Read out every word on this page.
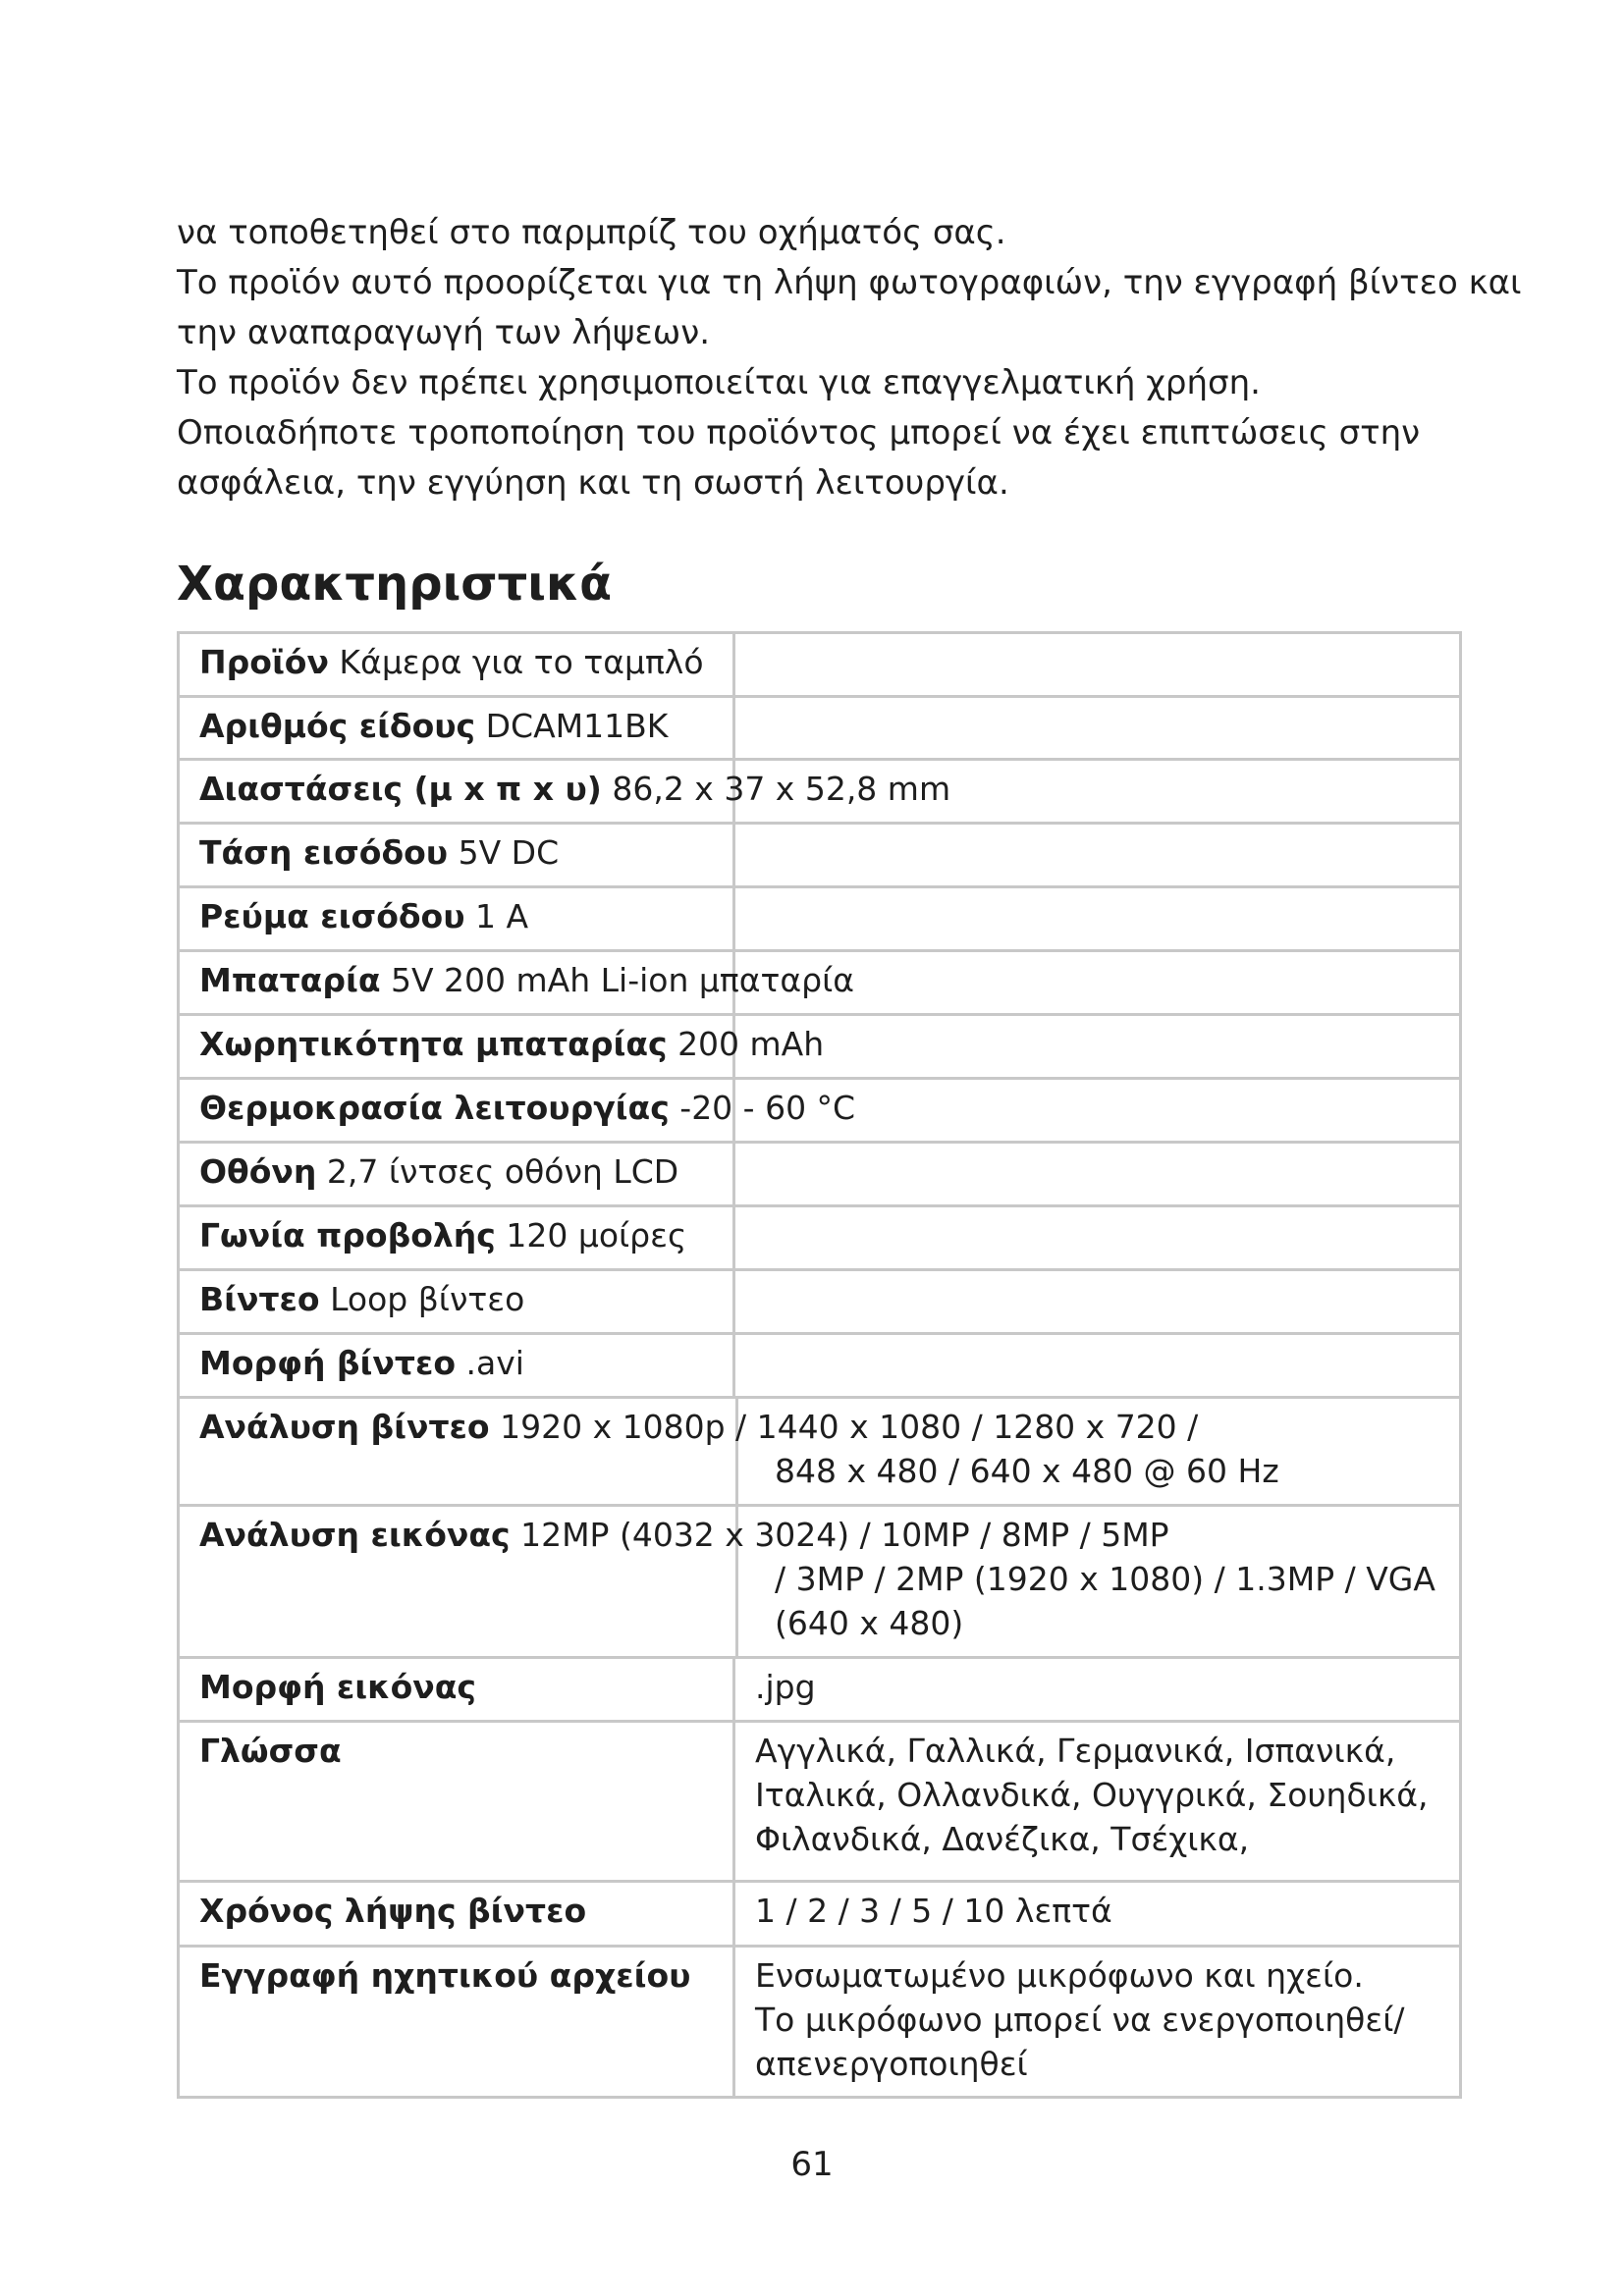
να τοποθετηθεί στο παρμπρίζ του οχήματός σας.

Το προϊόν αυτό προορίζεται για τη λήψη φωτογραφιών, την εγγραφή βίντεο και

την αναπαραγωγή των λήψεων.

Το προϊόν δεν πρέπει χρησιμοποιείται για επαγγελματική χρήση.

Οποιαδήποτε τροποποίηση του προϊόντος μπορεί να έχει επιπτώσεις στην

ασφάλεια, την εγγύηση και τη σωστή λειτουργία.

Χαρακτηριστικά
Προϊόν Κάμερα για το ταμπλό	
Αριθμός είδους DCAM11BK	
Διαστάσεις (μ x π x υ) 86,2 x 37 x 52,8 mm	
Τάση εισόδου 5V DC	
Ρεύμα εισόδου 1 A	
Μπαταρία 5V 200 mAh Li-ion μπαταρία	
Χωρητικότητα μπαταρίας 200 mAh	
Θερμοκρασία λειτουργίας -20 - 60 °C	
Οθόνη 2,7 ίντσες οθόνη LCD	
Γωνία προβολής 120 μοίρες	
Βίντεο Loop βίντεο	
Μορφή βίντεο .avi	
Ανάλυση βίντεο 1920 x 1080p / 1440 x 1080 / 1280 x 720 /
848 x 480 / 640 x 480 @ 60 Hz	

Ανάλυση εικόνας 12MP (4032 x 3024) / 10MP / 8MP / 5MP
/ 3MP / 2MP (1920 x 1080) / 1.3MP / VGA
(640 x 480)	

Μορφή εικόνας	.jpg
Γλώσσα	Αγγλικά, Γαλλικά, Γερμανικά, Ισπανικά,
Ιταλικά, Ολλανδικά, Ουγγρικά, Σουηδικά,
Φιλανδικά, Δανέζικα, Τσέχικα,

Χρόνος λήψης βίντεο	1 / 2 / 3 / 5 / 10 λεπτά
Εγγραφή ηχητικού αρχείου	Ενσωματωμένο μικρόφωνο και ηχείο.
Το μικρόφωνο μπορεί να ενεργοποιηθεί/
απενεργοποιηθεί
61
